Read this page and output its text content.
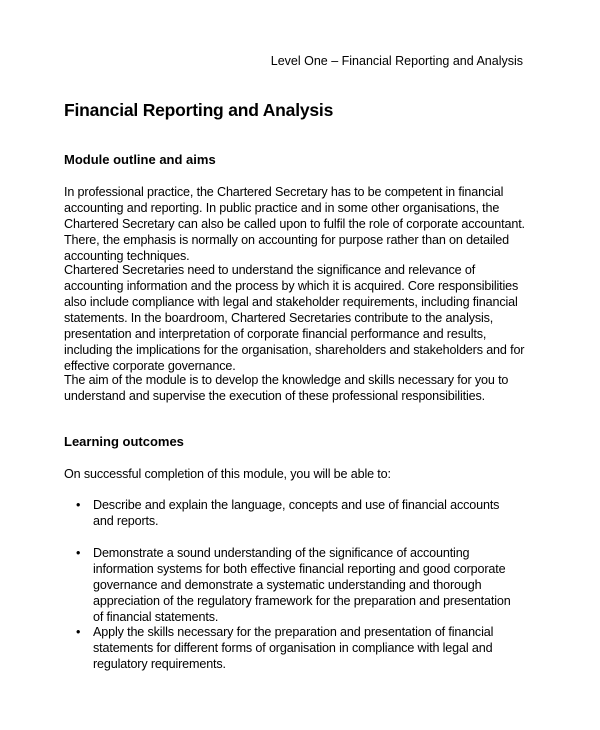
Level One – Financial Reporting and Analysis
Financial Reporting and Analysis
Module outline and aims

In professional practice, the Chartered Secretary has to be competent in financial accounting and reporting. In public practice and in some other organisations, the Chartered Secretary can also be called upon to fulfil the role of corporate accountant. There, the emphasis is normally on accounting for purpose rather than on detailed accounting techniques.

Chartered Secretaries need to understand the significance and relevance of accounting information and the process by which it is acquired. Core responsibilities also include compliance with legal and stakeholder requirements, including financial statements. In the boardroom, Chartered Secretaries contribute to the analysis, presentation and interpretation of corporate financial performance and results, including the implications for the organisation, shareholders and stakeholders and for effective corporate governance.

The aim of the module is to develop the knowledge and skills necessary for you to understand and supervise the execution of these professional responsibilities.

Learning outcomes

On successful completion of this module, you will be able to:

• Describe and explain the language, concepts and use of financial accounts and reports.
• Demonstrate a sound understanding of the significance of accounting information systems for both effective financial reporting and good corporate governance and demonstrate a systematic understanding and thorough appreciation of the regulatory framework for the preparation and presentation of financial statements.
• Apply the skills necessary for the preparation and presentation of financial statements for different forms of organisation in compliance with legal and regulatory requirements.
